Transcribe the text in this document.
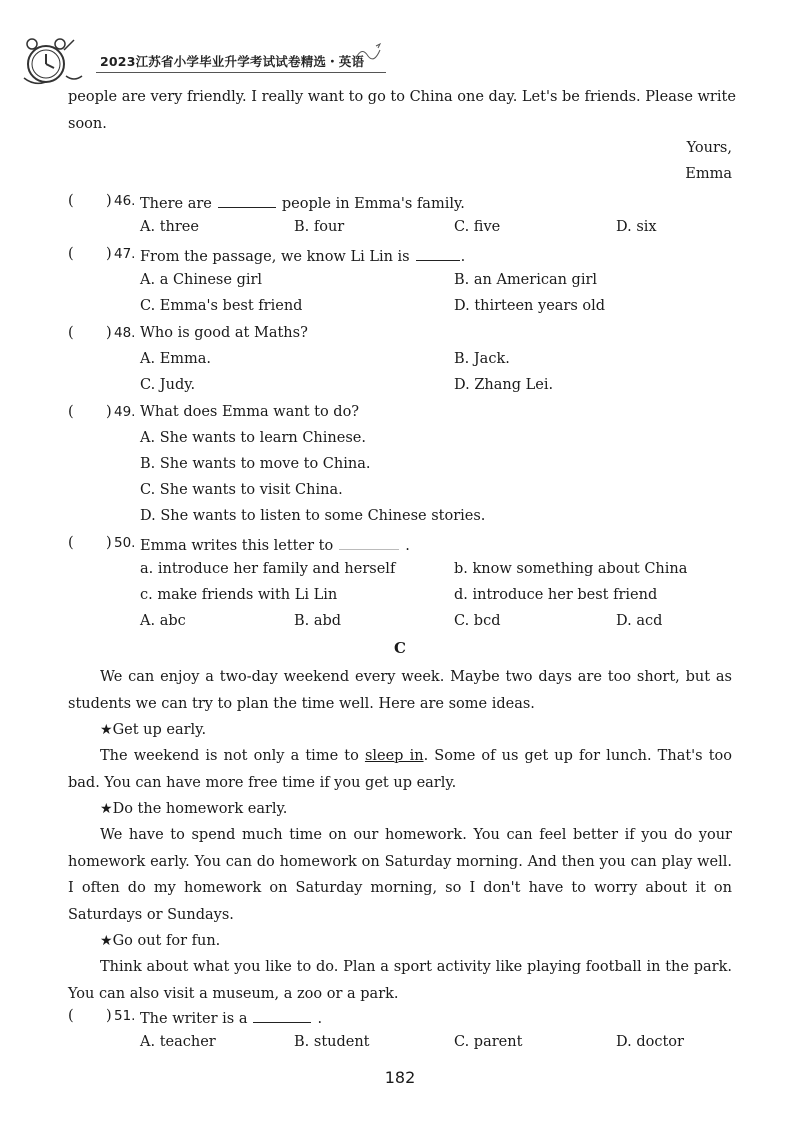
2023江苏省小学毕业升学考试试卷精选・英语

people are very friendly. I really want to go to China one day. Let's be friends. Please write

soon.

Yours,
Emma
( ) 46. There are	people in Emma's family.
A. three	B. four	C. five	D. six
( ) 47. From the passage, we know Li Lin is	.
A. a Chinese girl	B. an American girl
C. Emma's best friend	D. thirteen years old
( ) 48. Who is good at Maths?
A. Emma.	B. Jack.
C. Judy.	D. Zhang Lei.
( ) 49. What does Emma want to do?
A. She wants to learn Chinese.
B. She wants to move to China.
C. She wants to visit China.
D. She wants to listen to some Chinese stories.
( ) 50. Emma writes this letter to	.
a. introduce her family and herself	b. know something about China
c. make friends with Li Lin	d. introduce her best friend
A. abc	B. abd	C. bcd	D. acd
C

We can enjoy a two-day weekend every week. Maybe two days are too short, but as students we can try to plan the time well. Here are some ideas.

★Get up early.

The weekend is not only a time to sleep in. Some of us get up for lunch. That's too bad. You can have more free time if you get up early.

★Do the homework early.

We have to spend much time on our homework. You can feel better if you do your homework early. You can do homework on Saturday morning. And then you can play well. I often do my homework on Saturday morning, so I don't have to worry about it on Saturdays or Sundays.

★Go out for fun.

Think about what you like to do. Plan a sport activity like playing football in the park. You can also visit a museum, a zoo or a park.

( ) 51. The writer is a	.
A. teacher	B. student	C. parent	D. doctor
182
